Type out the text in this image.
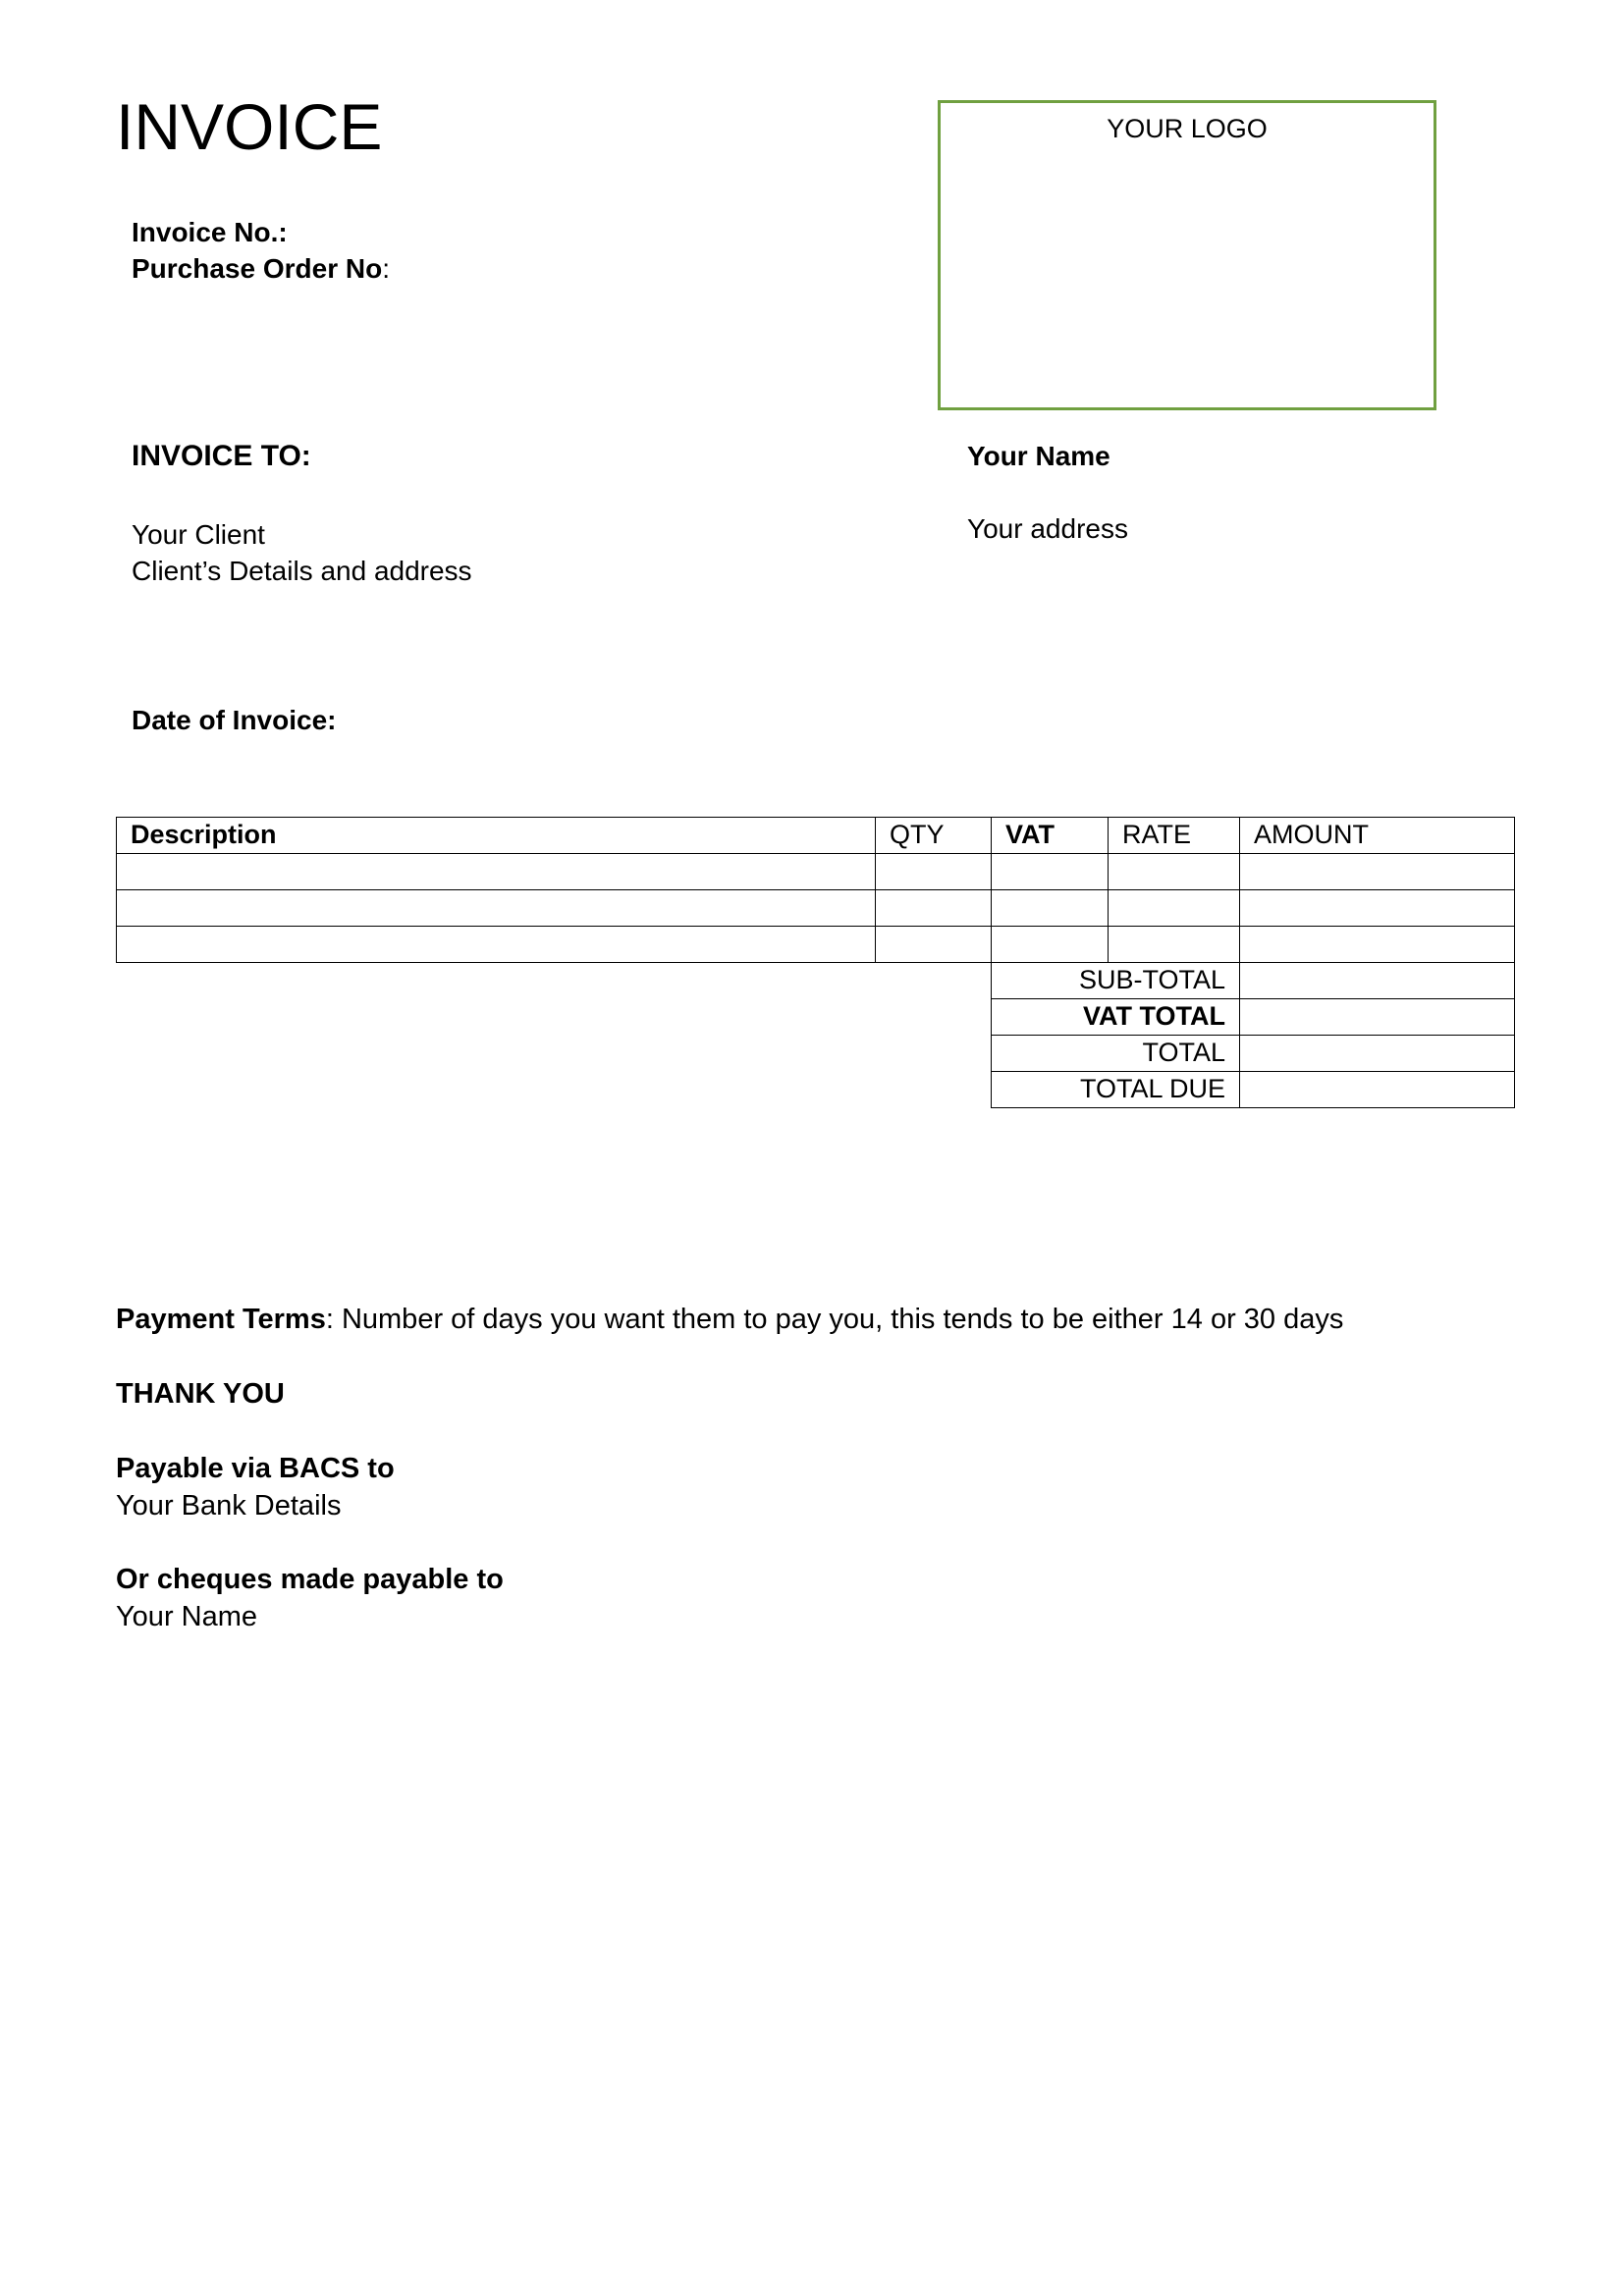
INVOICE
Invoice No.:
Purchase Order No:
YOUR LOGO
INVOICE TO:
Your Client
Client’s Details and address
Your Name
Your address
Date of Invoice:
Description	QTY	VAT	RATE	AMOUNT

		SUB-TOTAL		
		VAT TOTAL		
		TOTAL		
		TOTAL DUE		
Payment Terms: Number of days you want them to pay you, this tends to be either 14 or 30 days
THANK YOU
Payable via BACS to
Your Bank Details
Or cheques made payable to
Your Name
